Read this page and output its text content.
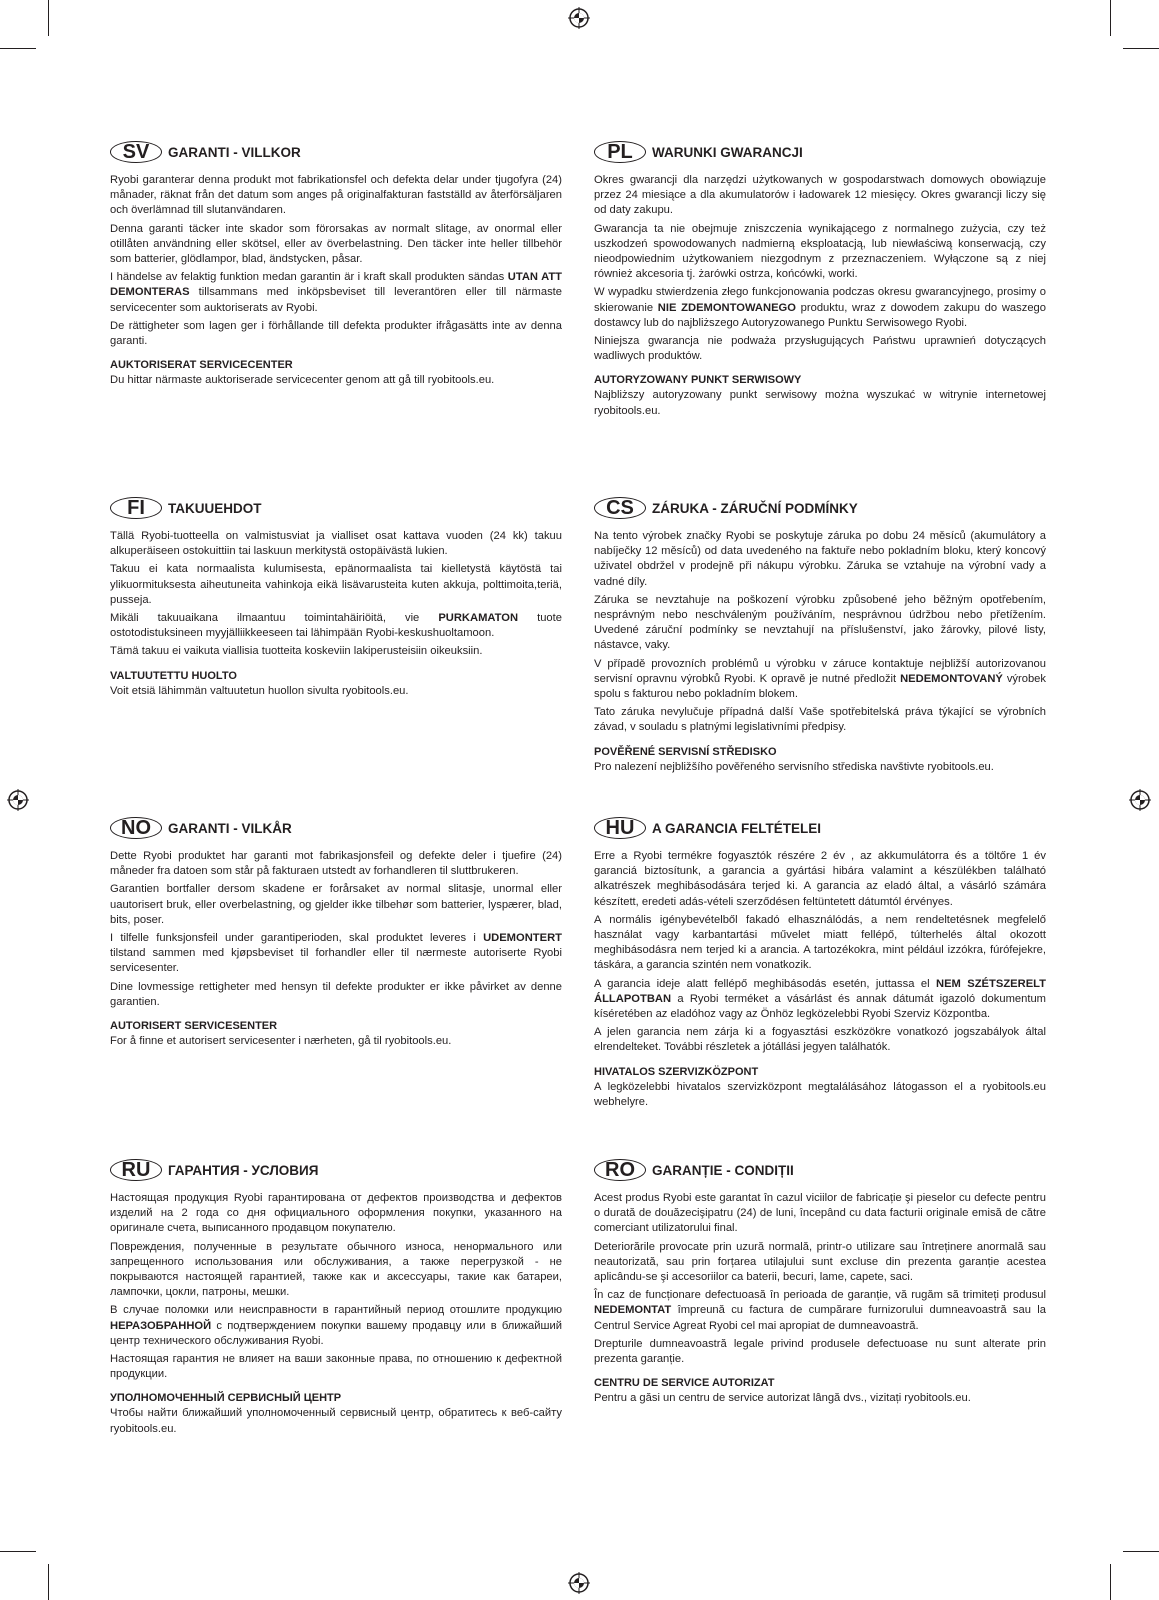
SV	GARANTI - VILLKOR

Ryobi garanterar denna produkt mot fabrikationsfel och defekta delar under tjugofyra (24) månader, räknat från det datum som anges på originalfakturan fastställd av återförsäljaren och överlämnad till slutanvändaren.

Denna garanti täcker inte skador som förorsakas av normalt slitage, av onormal eller otillåten användning eller skötsel, eller av överbelastning. Den täcker inte heller tillbehör som batterier, glödlampor, blad, ändstycken, påsar.

I händelse av felaktig funktion medan garantin är i kraft skall produkten sändas UTAN ATT DEMONTERAS tillsammans med inköpsbeviset till leverantören eller till närmaste servicecenter som auktoriserats av Ryobi.

De rättigheter som lagen ger i förhållande till defekta produkter ifrågasätts inte av denna garanti.

AUKTORISERAT SERVICECENTER

Du hittar närmaste auktoriserade servicecenter genom att gå till ryobitools.eu.

PL	WARUNKI GWARANCJI

Okres gwarancji dla narzędzi użytkowanych w gospodarstwach domowych obowiązuje przez 24 miesiące a dla akumulatorów i ładowarek 12 miesięcy. Okres gwarancji liczy się od daty zakupu.

Gwarancja ta nie obejmuje zniszczenia wynikającego z normalnego zużycia, czy też uszkodzeń spowodowanych nadmierną eksploatacją, lub niewłaściwą konserwacją, czy nieodpowiednim użytkowaniem niezgodnym z przeznaczeniem. Wyłączone są z niej również akcesoria tj. żarówki ostrza, końcówki, worki.

W wypadku stwierdzenia złego funkcjonowania podczas okresu gwarancyjnego, prosimy o skierowanie NIE ZDEMONTOWANEGO produktu, wraz z dowodem zakupu do waszego dostawcy lub do najbliższego Autoryzowanego Punktu Serwisowego Ryobi.

Niniejsza gwarancja nie podważa przysługujących Państwu uprawnień dotyczących wadliwych produktów.

AUTORYZOWANY PUNKT SERWISOWY

Najbliższy autoryzowany punkt serwisowy można wyszukać w witrynie internetowej ryobitools.eu.

FI	TAKUUEHDOT

Tällä Ryobi-tuotteella on valmistusviat ja vialliset osat kattava vuoden (24 kk) takuu alkuperäiseen ostokuittiin tai laskuun merkitystä ostopäivästä lukien.

Takuu ei kata normaalista kulumisesta, epänormaalista tai kielletystä käytöstä tai ylikuormituksesta aiheutuneita vahinkoja eikä lisävarusteita kuten akkuja, polttimoita,teriä, pusseja.

Mikäli takuuaikana ilmaantuu toimintahäiriöitä, vie PURKAMATON tuote ostotodistuksineen myyjälliikkeeseen tai lähimpään Ryobi-keskushuoltamoon.

Tämä takuu ei vaikuta viallisia tuotteita koskeviin lakiperusteisiin oikeuksiin.

VALTUUTETTU HUOLTO

Voit etsiä lähimmän valtuutetun huollon sivulta ryobitools.eu.

CS	ZÁRUKA - ZÁRUČNÍ PODMÍNKY

Na tento výrobek značky Ryobi se poskytuje záruka po dobu 24 měsíců (akumulátory a nabíječky 12 měsíců) od data uvedeného na faktuře nebo pokladním bloku, který koncový uživatel obdržel v prodejně při nákupu výrobku. Záruka se vztahuje na výrobní vady a vadné díly.

Záruka se nevztahuje na poškození výrobku způsobené jeho běžným opotřebením, nesprávným nebo neschváleným používáním, nesprávnou údržbou nebo přetížením. Uvedené záruční podmínky se nevztahují na příslušenství, jako žárovky, pilové listy, nástavce, vaky.

V případě provozních problémů u výrobku v záruce kontaktuje nejbližší autorizovanou servisní opravnu výrobků Ryobi. K opravě je nutné předložit NEDEMONTOVANÝ výrobek spolu s fakturou nebo pokladním blokem.

Tato záruka nevylučuje případná další Vaše spotřebitelská práva týkající se výrobních závad, v souladu s platnými legislativními předpisy.

POVĚŘENÉ SERVISNÍ STŘEDISKO

Pro nalezení nejbližšího pověřeného servisního střediska navštivte ryobitools.eu.

NO	GARANTI - VILKÅR

Dette Ryobi produktet har garanti mot fabrikasjonsfeil og defekte deler i tjuefire (24) måneder fra datoen som står på fakturaen utstedt av forhandleren til sluttbrukeren.

Garantien bortfaller dersom skadene er forårsaket av normal slitasje, unormal eller uautorisert bruk, eller overbelastning, og gjelder ikke tilbehør som batterier, lyspærer, blad, bits, poser.

I tilfelle funksjonsfeil under garantiperioden, skal produktet leveres i UDEMONTERT tilstand sammen med kjøpsbeviset til forhandler eller til nærmeste autoriserte Ryobi servicesenter.

Dine lovmessige rettigheter med hensyn til defekte produkter er ikke påvirket av denne garantien.

AUTORISERT SERVICESENTER

For å finne et autorisert servicesenter i nærheten, gå til ryobitools.eu.

HU	A GARANCIA FELTÉTELEI

Erre a Ryobi termékre fogyasztók részére 2 év , az akkumulátorra és a töltőre 1 év garanciá biztosítunk, a garancia a gyártási hibára valamint a készülékben található alkatrészek meghibásodására terjed ki. A garancia az eladó által, a vásárló számára készített, eredeti adás-vételi szerződésen feltüntetett dátumtól érvényes.

A normális igénybevételből fakadó elhasználódás, a nem rendeltetésnek megfelelő használat vagy karbantartási művelet miatt fellépő, túlterhelés által okozott meghibásodásra nem terjed ki a arancia. A tartozékokra, mint például izzókra, fúrófejekre, táskára, a garancia szintén nem vonatkozik.

A garancia ideje alatt fellépő meghibásodás esetén, juttassa el NEM SZÉTSZERELT ÁLLAPOTBAN a Ryobi terméket a vásárlást és annak dátumát igazoló dokumentum kíséretében az eladóhoz vagy az Önhöz legközelebbi Ryobi Szerviz Központba.

A jelen garancia nem zárja ki a fogyasztási eszközökre vonatkozó jogszabályok által elrendelteket. További részletek a jótállási jegyen találhatók.

HIVATALOS SZERVIZKÖZPONT

A legközelebbi hivatalos szervizközpont megtalálásához látogasson el a ryobitools.eu webhelyre.

RU	ГАРАНТИЯ - УСЛОВИЯ

Настоящая продукция Ryobi гарантирована от дефектов производства и дефектов изделий на 2 года со дня официального оформления покупки, указанного на оригинале счета, выписанного продавцом покупателю.

Повреждения, полученные в результате обычного износа, ненормального или запрещенного использования или обслуживания, а также перегрузкой - не покрываются настоящей гарантией, также как и аксессуары, такие как батареи, лампочки, цокли, патроны, мешки.

В случае поломки или неисправности в гарантийный период отошлите продукцию НЕРАЗОБРАННОЙ с подтверждением покупки вашему продавцу или в ближайший центр технического обслуживания Ryobi.

Настоящая гарантия не влияет на ваши законные права, по отношению к дефектной продукции.

УПОЛНОМОЧЕННЫЙ СЕРВИСНЫЙ ЦЕНТР

Чтобы найти ближайший уполномоченный сервисный центр, обратитесь к веб-сайту ryobitools.eu.

RO	GARANȚIE - CONDIȚII

Acest produs Ryobi este garantat în cazul viciilor de fabricație şi pieselor cu defecte pentru o durată de douăzecişipatru (24) de luni, începând cu data facturii originale emisă de către comerciant utilizatorului final.

Deteriorările provocate prin uzură normală, printr-o utilizare sau întreținere anormală sau neautorizată, sau prin forțarea utilajului sunt excluse din prezenta garanție acestea aplicându-se şi accesoriilor ca baterii, becuri, lame, capete, saci.

În caz de funcționare defectuoasă în perioada de garanție, vă rugăm să trimiteți produsul NEDEMONTAT împreună cu factura de cumpărare furnizorului dumneavoastră sau la Centrul Service Agreat Ryobi cel mai apropiat de dumneavoastră.

Drepturile dumneavoastră legale privind produsele defectuoase nu sunt alterate prin prezenta garanție.

CENTRU DE SERVICE AUTORIZAT

Pentru a găsi un centru de service autorizat lângă dvs., vizitați ryobitools.eu.
